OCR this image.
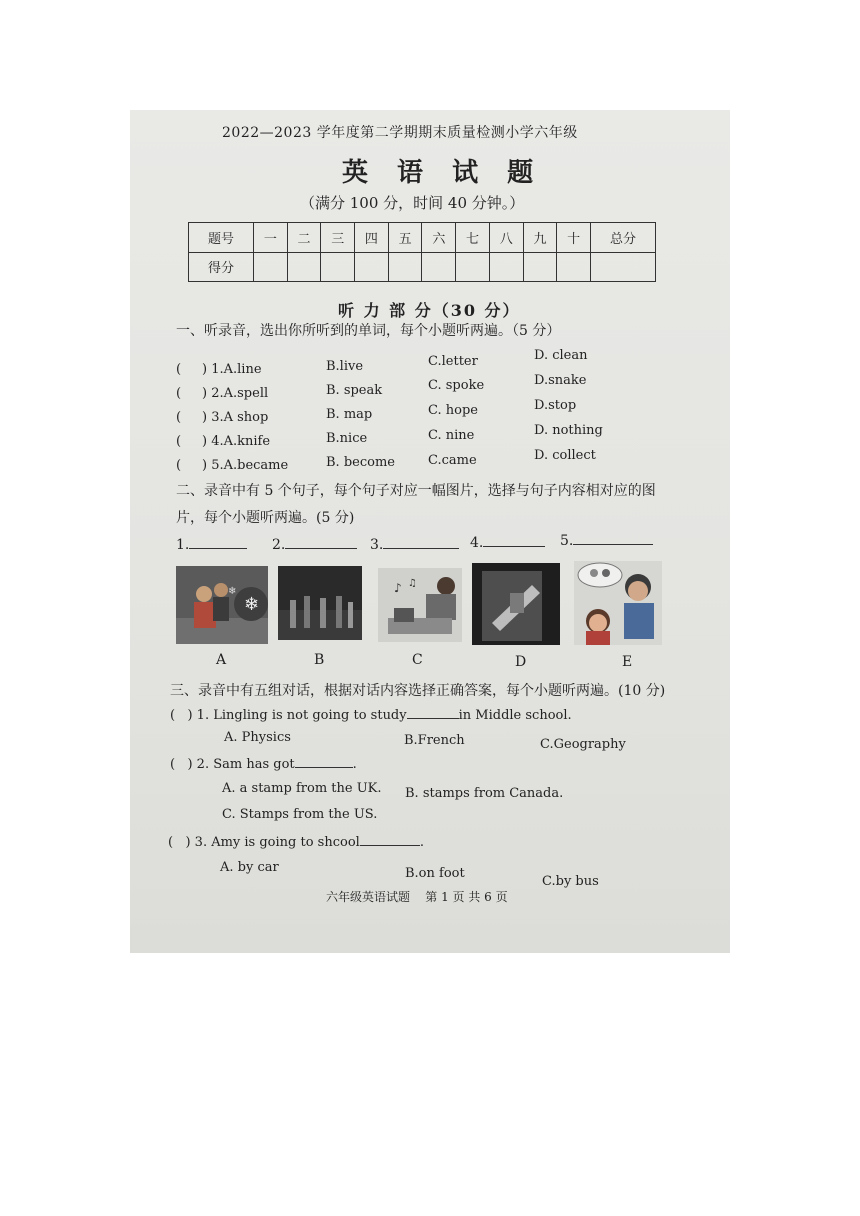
2022—2023 学年度第二学期期末质量检测小学六年级
英 语 试 题
（满分 100 分，时间 40 分钟。）
题号	一	二	三	四	五	六	七	八	九	十	总分
得分											
听 力 部 分（30 分）
一、听录音，选出你所听到的单词，每个小题听两遍。（5 分）
( ) 1.A.line	B.live	C.letter	D. clean
( ) 2.A.spell	B. speak	C. spoke	D.snake
( ) 3.A shop	B. map	C. hope	D.stop
( ) 4.A.knife	B.nice	C. nine	D. nothing
( ) 5.A.became	B. become	C.came	D. collect
二、录音中有 5 个句子，每个句子对应一幅图片，选择与句子内容相对应的图
片，每个小题听两遍。(5 分)
1.	2.	3.	4.	5.
❄
❄	♪ ♫
A	B	C	D	E
三、录音中有五组对话，根据对话内容选择正确答案，每个小题听两遍。(10 分)
(   ) 1. Lingling is not going to study	in Middle school.
A. Physics	B.French	C.Geography
(   ) 2. Sam has got	.
A. a stamp from the UK. B. stamps from Canada.
C. Stamps from the US.
(   ) 3. Amy is going to shcool	.
A. by car	B.on foot
C.by bus
六年级英语试题 第 1 页 共 6 页
